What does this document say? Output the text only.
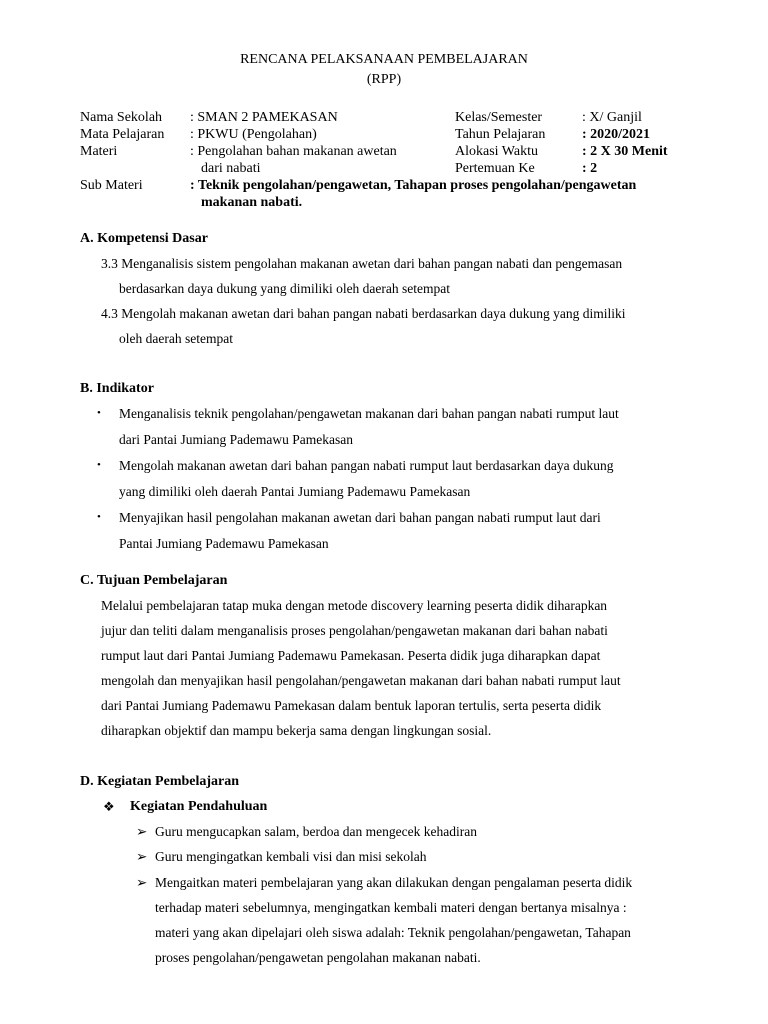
RENCANA PELAKSANAAN PEMBELAJARAN
(RPP)
Nama Sekolah : SMAN 2 PAMEKASAN
Mata Pelajaran : PKWU (Pengolahan)
Materi	: Pengolahan bahan makanan awetan
dari nabati
Sub Materi	: Teknik pengolahan/pengawetan, Tahapan proses pengolahan/pengawetan
makanan nabati.
Kelas/Semester	: X/ Ganjil
Tahun Pelajaran	: 2020/2021
Alokasi Waktu	: 2 X 30 Menit
Pertemuan Ke	: 2
A. Kompetensi Dasar
3.3 Menganalisis sistem pengolahan makanan awetan dari bahan pangan nabati dan pengemasan
berdasarkan daya dukung yang dimiliki oleh daerah setempat
4.3 Mengolah makanan awetan dari bahan pangan nabati berdasarkan daya dukung yang dimiliki
oleh daerah setempat
B. Indikator
• Menganalisis teknik pengolahan/pengawetan makanan dari bahan pangan nabati rumput laut
dari Pantai Jumiang Pademawu Pamekasan
• Mengolah makanan awetan dari bahan pangan nabati rumput laut berdasarkan daya dukung
yang dimiliki oleh daerah Pantai Jumiang Pademawu Pamekasan
• Menyajikan hasil pengolahan makanan awetan dari bahan pangan nabati rumput laut dari
Pantai Jumiang Pademawu Pamekasan
C. Tujuan Pembelajaran
Melalui pembelajaran tatap muka dengan metode discovery learning peserta didik diharapkan
jujur dan teliti dalam menganalisis proses pengolahan/pengawetan makanan dari bahan nabati
rumput laut dari Pantai Jumiang Pademawu Pamekasan. Peserta didik juga diharapkan dapat
mengolah dan menyajikan hasil pengolahan/pengawetan makanan dari bahan nabati rumput laut
dari Pantai Jumiang Pademawu Pamekasan dalam bentuk laporan tertulis, serta peserta didik
diharapkan objektif dan mampu bekerja sama dengan lingkungan sosial.
D. Kegiatan Pembelajaran
❖ Kegiatan Pendahuluan
➢ Guru mengucapkan salam, berdoa dan mengecek kehadiran
➢ Guru mengingatkan kembali visi dan misi sekolah
➢ Mengaitkan materi pembelajaran yang akan dilakukan dengan pengalaman peserta didik
terhadap materi sebelumnya, mengingatkan kembali materi dengan bertanya misalnya :
materi yang akan dipelajari oleh siswa adalah: Teknik pengolahan/pengawetan, Tahapan
proses pengolahan/pengawetan pengolahan makanan nabati.
